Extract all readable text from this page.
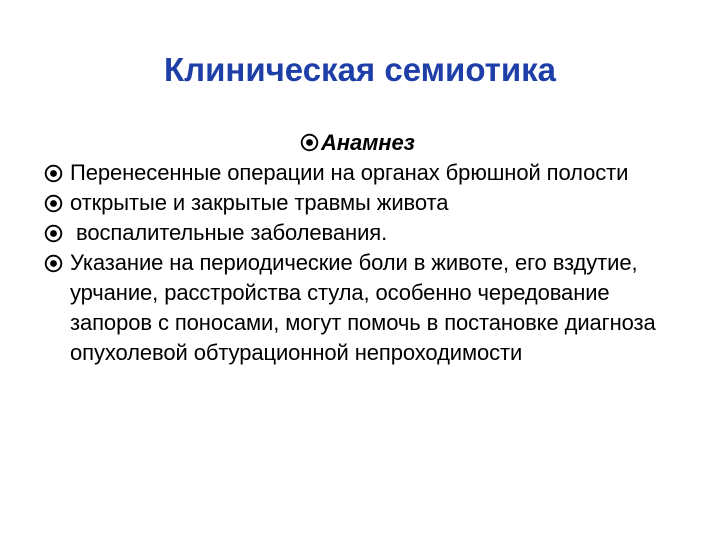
Клиническая семиотика
Анамнез
Перенесенные операции на органах брюшной полости
открытые и закрытые травмы живота
воспалительные заболевания.
Указание на периодические боли в животе, его вздутие, урчание, расстройства стула, особенно чередование запоров с поносами, могут помочь в постановке диагноза опухолевой обтурационной непроходимости
